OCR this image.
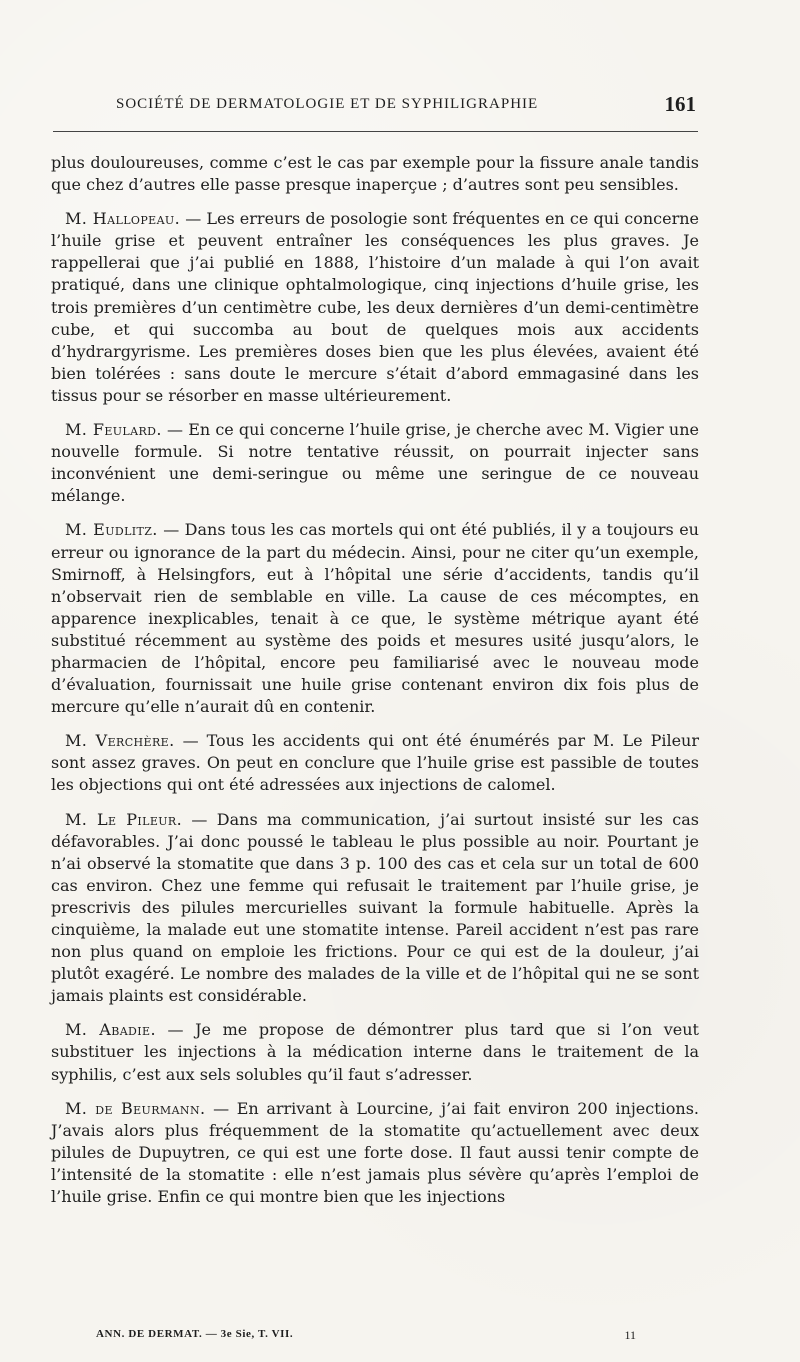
SOCIÉTÉ DE DERMATOLOGIE ET DE SYPHILIGRAPHIE	161

plus douloureuses, comme c’est le cas par exemple pour la fissure anale tandis que chez d’autres elle passe presque inaperçue ; d’autres sont peu sensibles.

M. Hallopeau. — Les erreurs de posologie sont fréquentes en ce qui concerne l’huile grise et peuvent entraîner les conséquences les plus graves. Je rappellerai que j’ai publié en 1888, l’histoire d’un malade à qui l’on avait pratiqué, dans une clinique ophtalmologique, cinq injections d’huile grise, les trois premières d’un centimètre cube, les deux dernières d’un demi-centimètre cube, et qui succomba au bout de quelques mois aux accidents d’hydrargyrisme. Les premières doses bien que les plus élevées, avaient été bien tolérées : sans doute le mercure s’était d’abord emmagasiné dans les tissus pour se résorber en masse ultérieurement.

M. Feulard. — En ce qui concerne l’huile grise, je cherche avec M. Vigier une nouvelle formule. Si notre tentative réussit, on pourrait injecter sans inconvénient une demi-seringue ou même une seringue de ce nouveau mélange.

M. Eudlitz. — Dans tous les cas mortels qui ont été publiés, il y a toujours eu erreur ou ignorance de la part du médecin. Ainsi, pour ne citer qu’un exemple, Smirnoff, à Helsingfors, eut à l’hôpital une série d’accidents, tandis qu’il n’observait rien de semblable en ville. La cause de ces mécomptes, en apparence inexplicables, tenait à ce que, le système métrique ayant été substitué récemment au système des poids et mesures usité jusqu’alors, le pharmacien de l’hôpital, encore peu familiarisé avec le nouveau mode d’évaluation, fournissait une huile grise contenant environ dix fois plus de mercure qu’elle n’aurait dû en contenir.

M. Verchère. — Tous les accidents qui ont été énumérés par M. Le Pileur sont assez graves. On peut en conclure que l’huile grise est passible de toutes les objections qui ont été adressées aux injections de calomel.

M. Le Pileur. — Dans ma communication, j’ai surtout insisté sur les cas défavorables. J’ai donc poussé le tableau le plus possible au noir. Pourtant je n’ai observé la stomatite que dans 3 p. 100 des cas et cela sur un total de 600 cas environ. Chez une femme qui refusait le traitement par l’huile grise, je prescrivis des pilules mercurielles suivant la formule habituelle. Après la cinquième, la malade eut une stomatite intense. Pareil accident n’est pas rare non plus quand on emploie les frictions. Pour ce qui est de la douleur, j’ai plutôt exagéré. Le nombre des malades de la ville et de l’hôpital qui ne se sont jamais plaints est considérable.

M. Abadie. — Je me propose de démontrer plus tard que si l’on veut substituer les injections à la médication interne dans le traitement de la syphilis, c’est aux sels solubles qu’il faut s’adresser.

M. de Beurmann. — En arrivant à Lourcine, j’ai fait environ 200 injections. J’avais alors plus fréquemment de la stomatite qu’actuellement avec deux pilules de Dupuytren, ce qui est une forte dose. Il faut aussi tenir compte de l’intensité de la stomatite : elle n’est jamais plus sévère qu’après l’emploi de l’huile grise. Enfin ce qui montre bien que les injections

ANN. DE DERMAT. — 3e Sie, T. VII.	11
